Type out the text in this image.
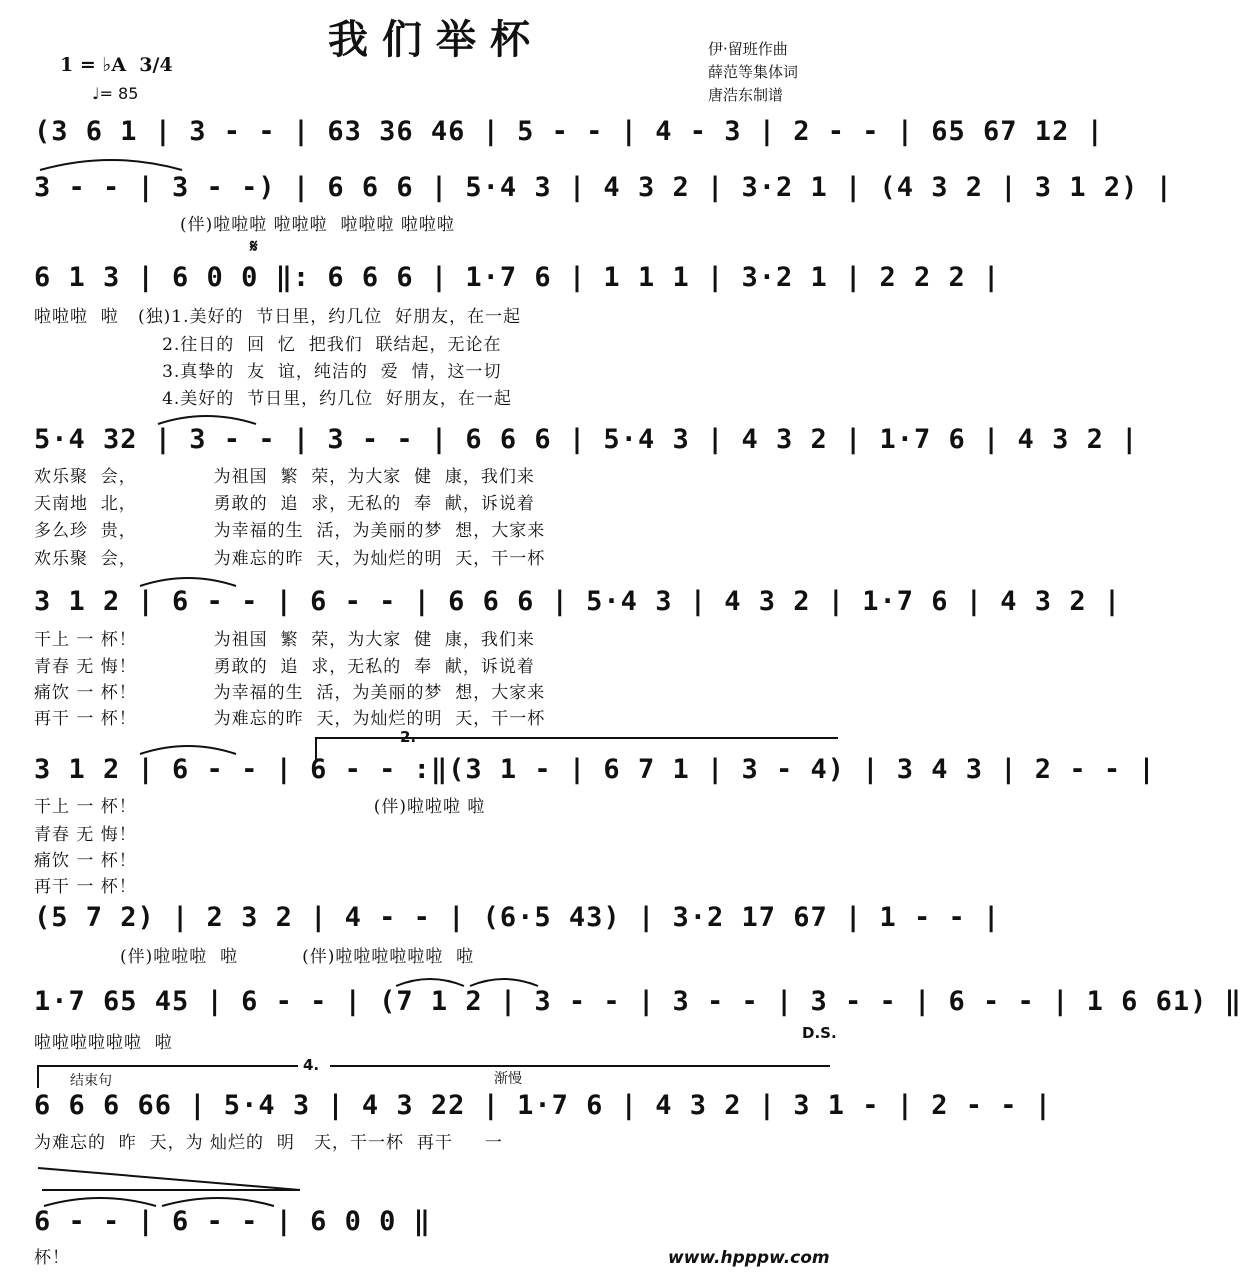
我们举杯
1 = ♭A  3/4
♩= 85
伊·留班作曲
薛范等集体词
唐浩东制谱
(3 6 1 | 3 - - | 63 36 46 | 5 - - | 4 - 3 | 2 - - | 65 67 12 |
3 - - | 3 - -) | 6 6 6 | 5·4 3 | 4 3 2 | 3·2 1 | (4 3 2 | 3 1 2) |
(伴)啦啦啦 啦啦啦  啦啦啦 啦啦啦
𝄋
6 1 3 | 6 0 0 ‖: 6 6 6 | 1·7 6 | 1 1 1 | 3·2 1 | 2 2 2 |
啦啦啦  啦   (独)1.美好的  节日里，约几位  好朋友，在一起
2.往日的  回  忆  把我们  联结起，无论在
3.真挚的  友  谊，纯洁的  爱  情，这一切
4.美好的  节日里，约几位  好朋友，在一起
5·4 32 | 3 - - | 3 - - | 6 6 6 | 5·4 3 | 4 3 2 | 1·7 6 | 4 3 2 |
欢乐聚  会，            为祖国  繁  荣，为大家  健  康，我们来
天南地  北，            勇敢的  追  求，无私的  奉  献，诉说着
多么珍  贵，            为幸福的生  活，为美丽的梦  想，大家来
欢乐聚  会，            为难忘的昨  天，为灿烂的明  天，干一杯
3 1 2 | 6 - - | 6 - - | 6 6 6 | 5·4 3 | 4 3 2 | 1·7 6 | 4 3 2 |
干上 一 杯！            为祖国  繁  荣，为大家  健  康，我们来
青春 无 悔！            勇敢的  追  求，无私的  奉  献，诉说着
痛饮 一 杯！            为幸福的生  活，为美丽的梦  想，大家来
再干 一 杯！            为难忘的昨  天，为灿烂的明  天，干一杯
2.
3 1 2 | 6 - - | 6 - - :‖(3 1 - | 6 7 1 | 3 - 4) | 3 4 3 | 2 - - |
干上 一 杯！                                     (伴)啦啦啦 啦
青春 无 悔！
痛饮 一 杯！
再干 一 杯！
(5 7 2) | 2 3 2 | 4 - - | (6·5 43) | 3·2 17 67 | 1 - - |
(伴)啦啦啦  啦          (伴)啦啦啦啦啦啦  啦
1·7 65 45 | 6 - - | (7 1 2 | 3 - - | 3 - - | 3 - - | 6 - - | 1 6 61) ‖
啦啦啦啦啦啦  啦	D.S.
4.
结束句	渐慢
6 6 6 66 | 5·4 3 | 4 3 22 | 1·7 6 | 4 3 2 | 3 1 - | 2 - - |
为难忘的  昨  天，为 灿烂的  明   天，干一杯  再干     一
6 - - | 6 - - | 6 0 0 ‖
杯！	www.hpppw.com
